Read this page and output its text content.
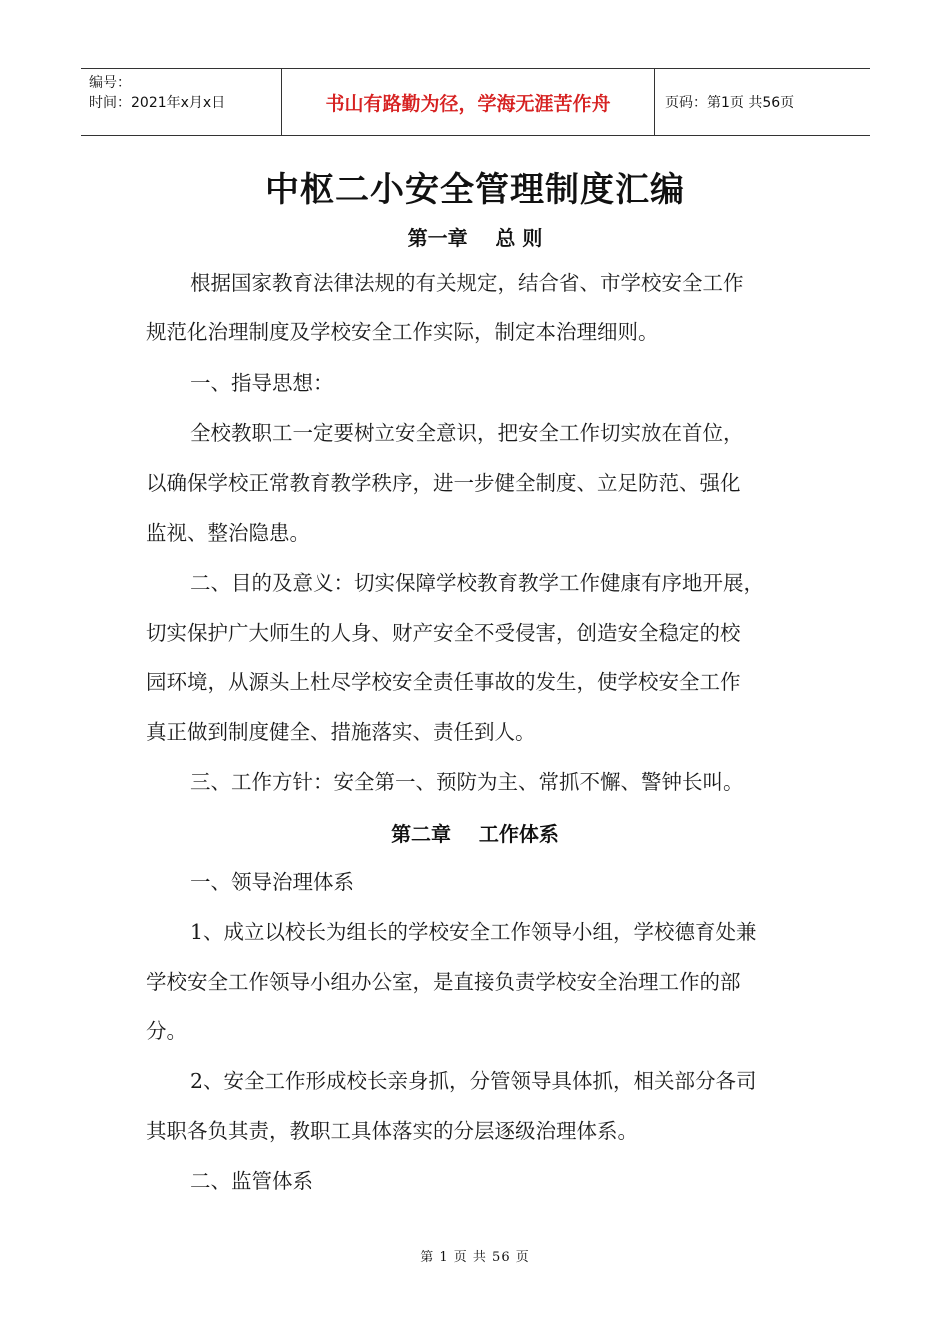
编号：
时间：2021年x月x日	书山有路勤为径，学海无涯苦作舟	页码：第1页 共56页
中枢二小安全管理制度汇编
第一章    总 则
根据国家教育法律法规的有关规定，结合省、市学校安全工作
规范化治理制度及学校安全工作实际，制定本治理细则。
一、指导思想：
全校教职工一定要树立安全意识，把安全工作切实放在首位，
以确保学校正常教育教学秩序，进一步健全制度、立足防范、强化
监视、整治隐患。
二、目的及意义：切实保障学校教育教学工作健康有序地开展，
切实保护广大师生的人身、财产安全不受侵害，创造安全稳定的校
园环境，从源头上杜尽学校安全责任事故的发生，使学校安全工作
真正做到制度健全、措施落实、责任到人。
三、工作方针：安全第一、预防为主、常抓不懈、警钟长叫。
第二章    工作体系
一、领导治理体系
1、成立以校长为组长的学校安全工作领导小组，学校德育处兼
学校安全工作领导小组办公室，是直接负责学校安全治理工作的部
分。
2、安全工作形成校长亲身抓，分管领导具体抓，相关部分各司
其职各负其责，教职工具体落实的分层逐级治理体系。
二、监管体系
第 1 页 共 56 页
